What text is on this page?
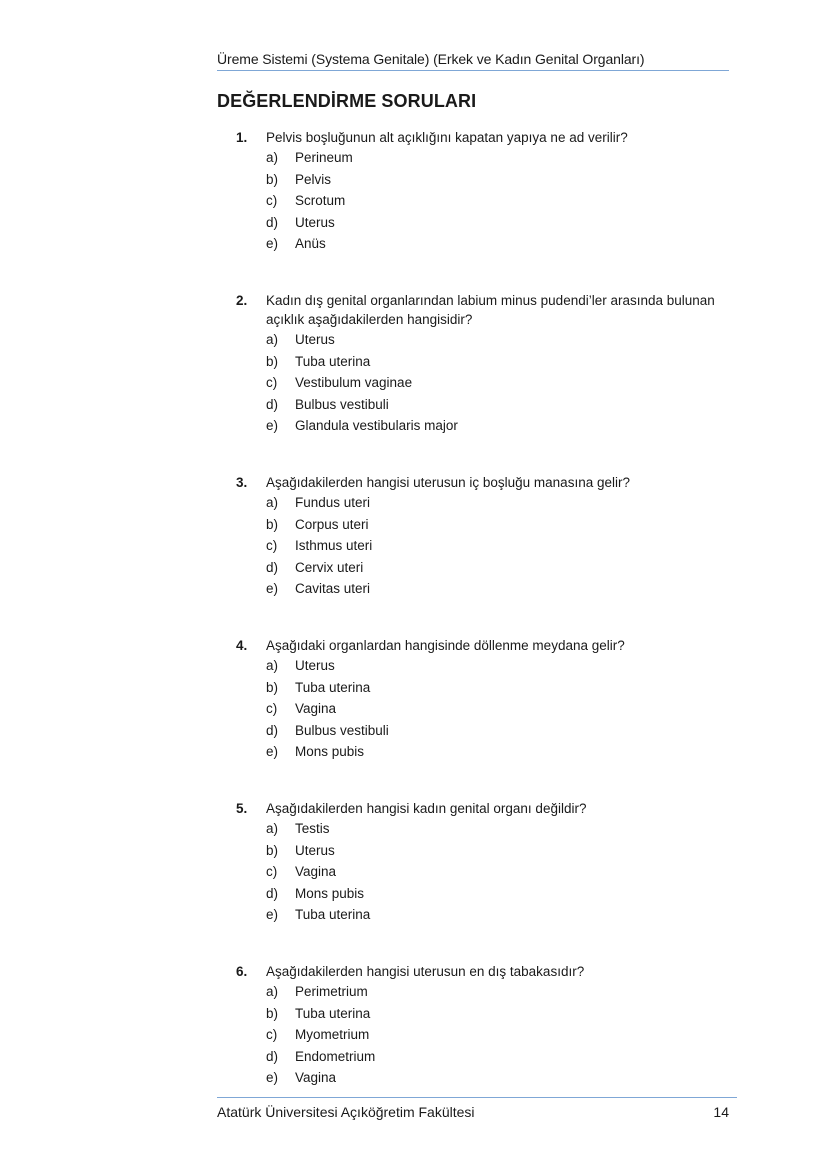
Üreme Sistemi (Systema Genitale) (Erkek ve Kadın Genital Organları)
DEĞERLENDİRME SORULARI
1.	Pelvis boşluğunun alt açıklığını kapatan yapıya ne ad verilir?
a)	Perineum
b)	Pelvis
c)	Scrotum
d)	Uterus
e)	Anüs
2.	Kadın dış genital organlarından labium minus pudendi’ler arasında bulunan açıklık aşağıdakilerden hangisidir?
a)	Uterus
b)	Tuba uterina
c)	Vestibulum vaginae
d)	Bulbus vestibuli
e)	Glandula vestibularis major
3.	Aşağıdakilerden hangisi uterusun iç boşluğu manasına gelir?
a)	Fundus uteri
b)	Corpus uteri
c)	Isthmus uteri
d)	Cervix uteri
e)	Cavitas uteri
4.	Aşağıdaki organlardan hangisinde döllenme meydana gelir?
a)	Uterus
b)	Tuba uterina
c)	Vagina
d)	Bulbus vestibuli
e)	Mons pubis
5.	Aşağıdakilerden hangisi kadın genital organı değildir?
a)	Testis
b)	Uterus
c)	Vagina
d)	Mons pubis
e)	Tuba uterina
6.	Aşağıdakilerden hangisi uterusun en dış tabakasıdır?
a)	Perimetrium
b)	Tuba uterina
c)	Myometrium
d)	Endometrium
e)	Vagina
Atatürk Üniversitesi Açıköğretim Fakültesi	14
